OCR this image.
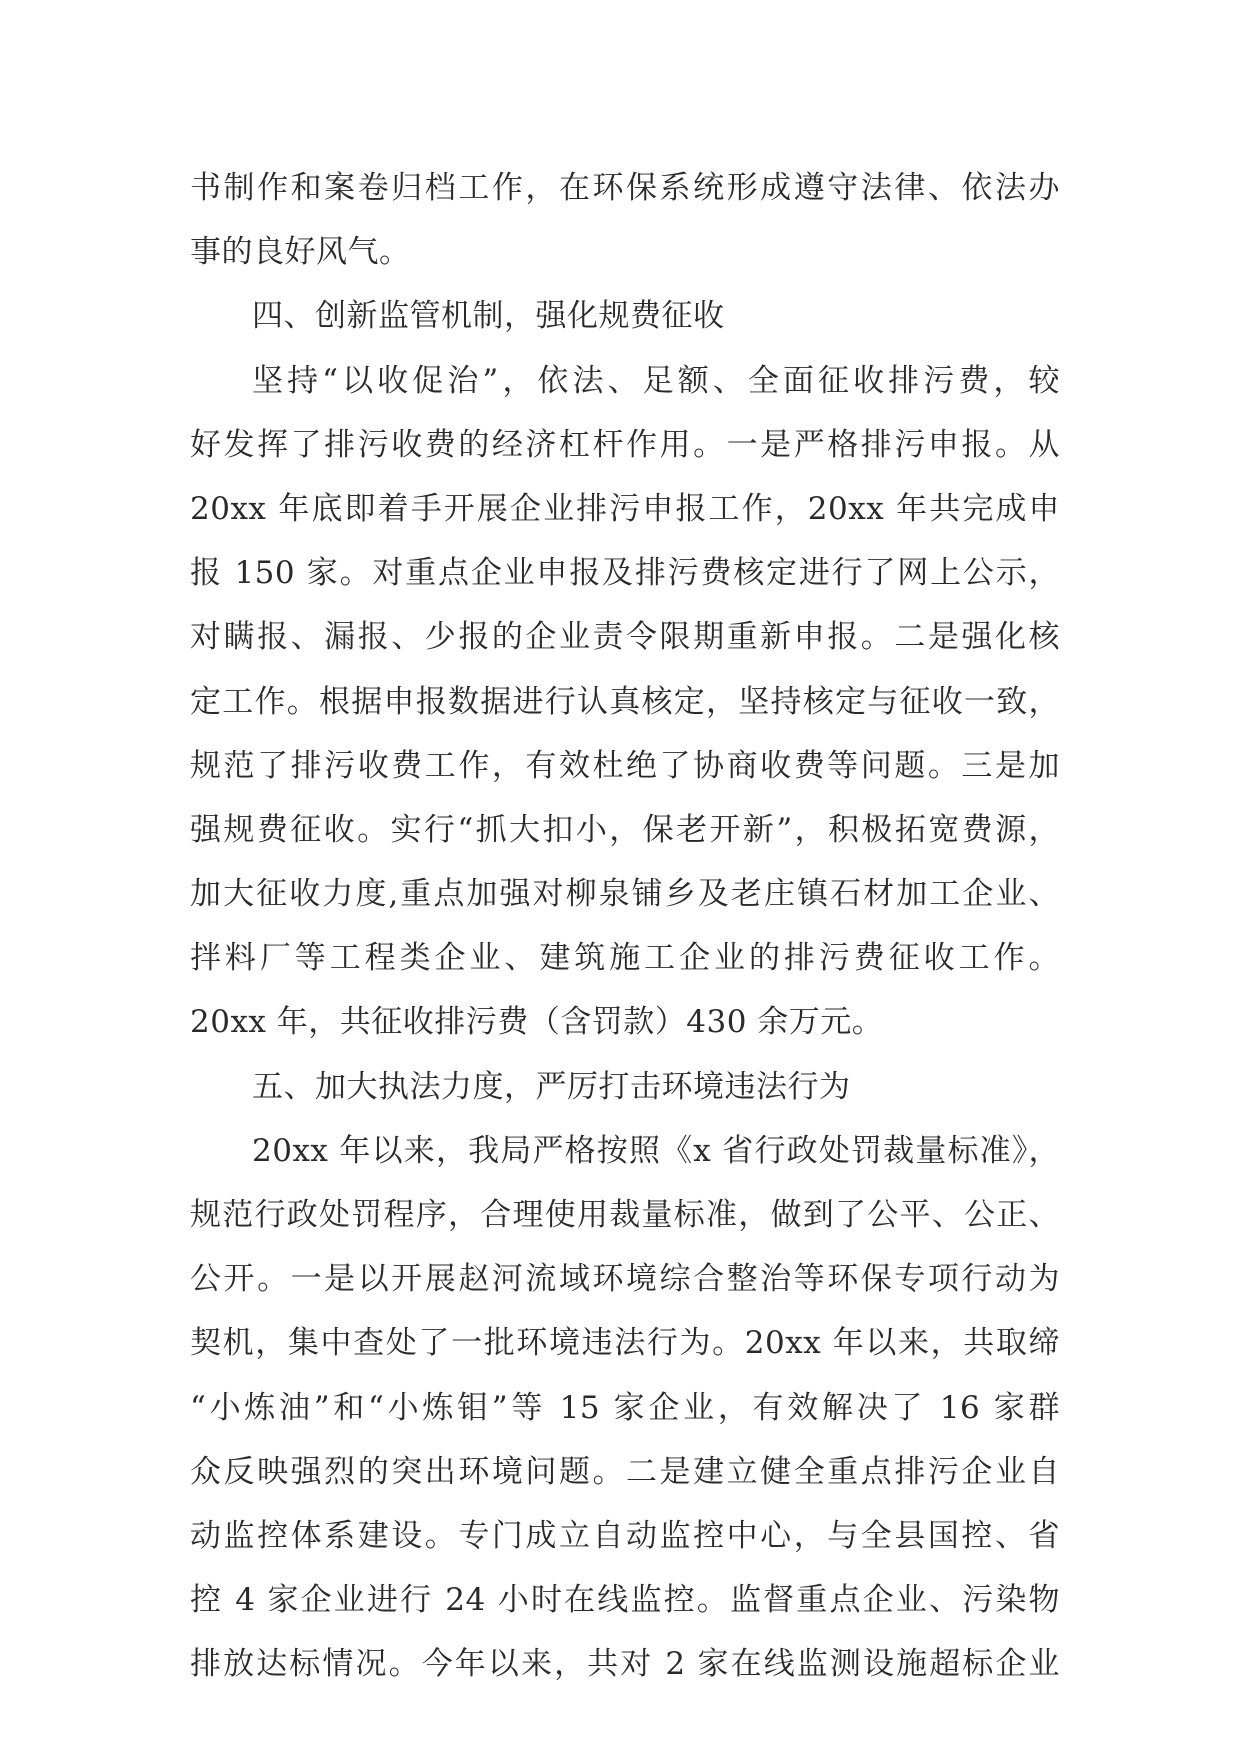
书制作和案卷归档工作，在环保系统形成遵守法律、依法办
事的良好风气。
四、创新监管机制，强化规费征收
坚持“以收促治”，依法、足额、全面征收排污费，较
好发挥了排污收费的经济杠杆作用。一是严格排污申报。从
20xx 年底即着手开展企业排污申报工作，20xx 年共完成申
报 150 家。对重点企业申报及排污费核定进行了网上公示，
对瞒报、漏报、少报的企业责令限期重新申报。二是强化核
定工作。根据申报数据进行认真核定，坚持核定与征收一致，
规范了排污收费工作，有效杜绝了协商收费等问题。三是加
强规费征收。实行“抓大扣小，保老开新”，积极拓宽费源，
加大征收力度,重点加强对柳泉铺乡及老庄镇石材加工企业、
拌料厂等工程类企业、建筑施工企业的排污费征收工作。
20xx 年，共征收排污费（含罚款）430 余万元。
五、加大执法力度，严厉打击环境违法行为
20xx 年以来，我局严格按照《x 省行政处罚裁量标准》，
规范行政处罚程序，合理使用裁量标准，做到了公平、公正、
公开。一是以开展赵河流域环境综合整治等环保专项行动为
契机，集中查处了一批环境违法行为。20xx 年以来，共取缔
“小炼油”和“小炼钼”等 15 家企业，有效解决了 16 家群
众反映强烈的突出环境问题。二是建立健全重点排污企业自
动监控体系建设。专门成立自动监控中心，与全县国控、省
控 4 家企业进行 24 小时在线监控。监督重点企业、污染物
排放达标情况。今年以来，共对 2 家在线监测设施超标企业
